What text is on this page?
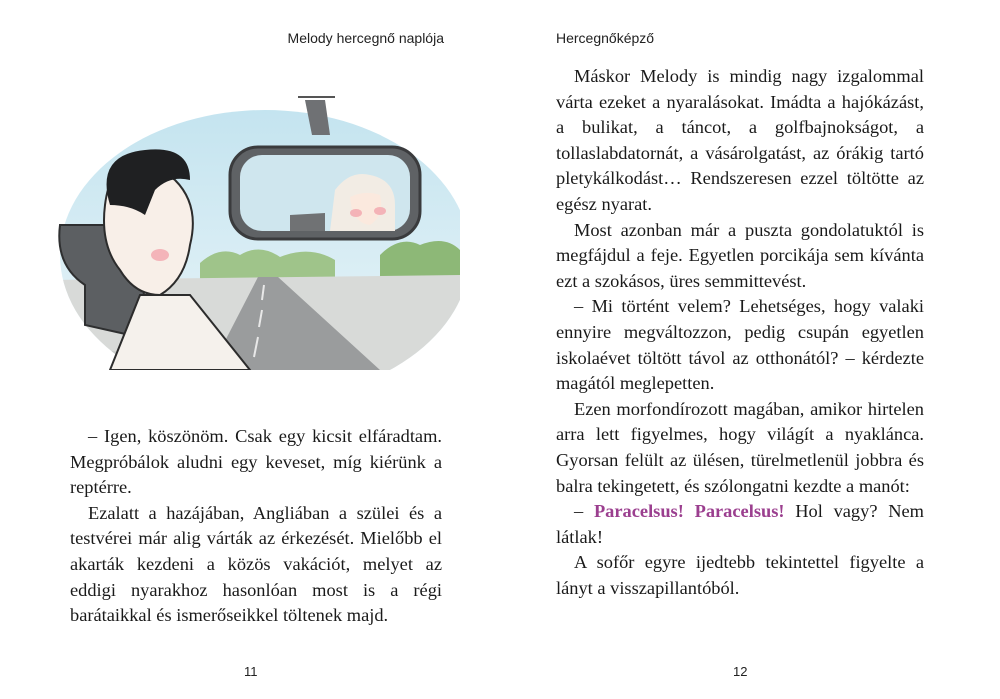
Melody hercegnő naplója

– Igen, köszönöm. Csak egy kicsit elfáradtam. Megpróbálok aludni egy keveset, míg kiérünk a reptérre.

Ezalatt a hazájában, Angliában a szülei és a testvérei már alig várták az érkezését. Mielőbb el akarták kezdeni a közös vakációt, melyet az eddigi nyarakhoz hasonlóan most is a régi barátaikkal és ismerőseikkel töltenek majd.

11
Hercegnőképző

Máskor Melody is mindig nagy izgalommal várta ezeket a nyaralásokat. Imádta a hajókázást, a bulikat, a táncot, a golfbajnokságot, a tollaslabdatornát, a vásárolgatást, az órákig tartó pletykálkodást… Rendszeresen ezzel töltötte az egész nyarat.

Most azonban már a puszta gondolatuktól is megfájdul a feje. Egyetlen porcikája sem kívánta ezt a szokásos, üres semmittevést.

– Mi történt velem? Lehetséges, hogy valaki ennyire megváltozzon, pedig csupán egyetlen iskolaévet töltött távol az otthonától? – kérdezte magától meglepetten.

Ezen morfondírozott magában, amikor hirtelen arra lett figyelmes, hogy világít a nyaklánca. Gyorsan felült az ülésen, türelmetlenül jobbra és balra tekingetett, és szólongatni kezdte a manót:

– Paracelsus! Paracelsus! Hol vagy? Nem látlak!

A sofőr egyre ijedtebb tekintettel figyelte a lányt a visszapillantóból.

12
